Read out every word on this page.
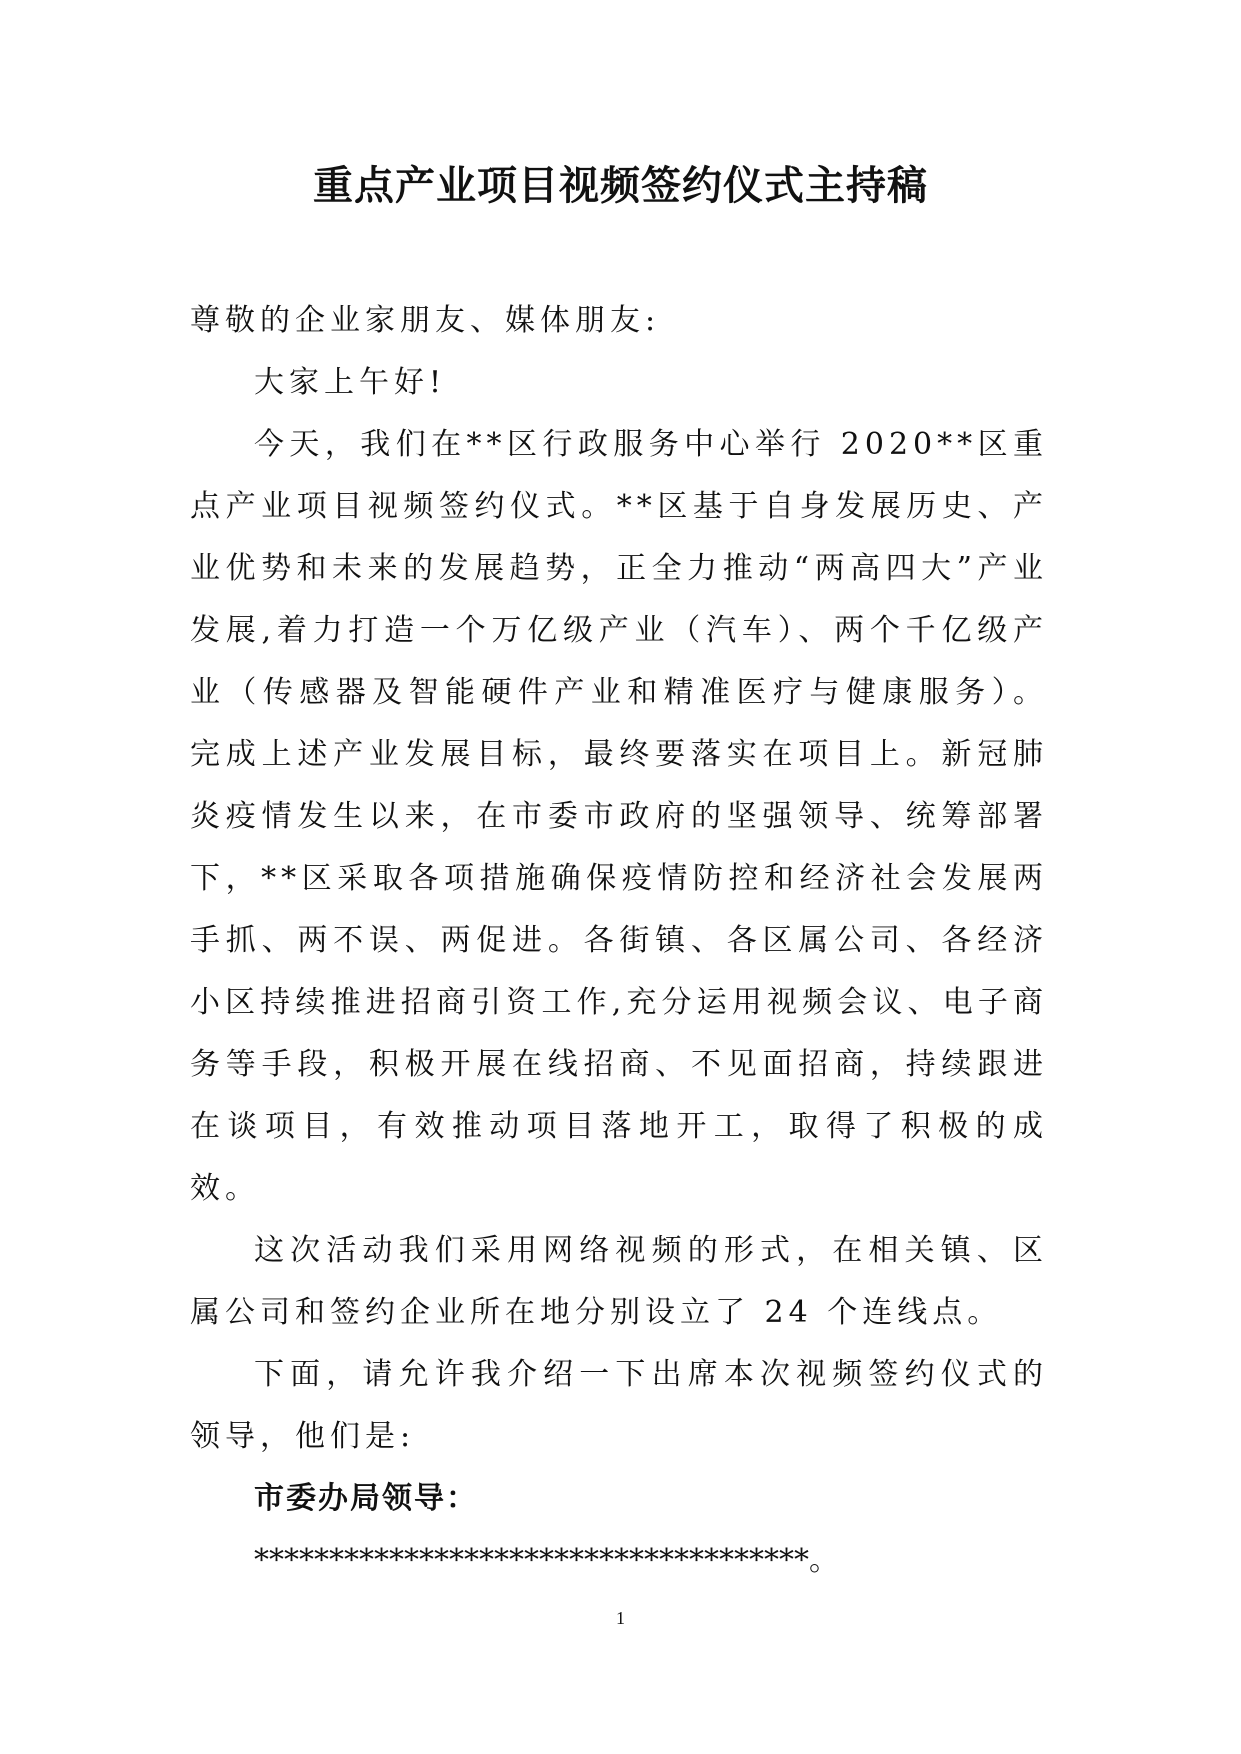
重点产业项目视频签约仪式主持稿

尊敬的企业家朋友、媒体朋友:

大家上午好!

今天，我们在**区行政服务中心举行 2020**区重点产业项目视频签约仪式。**区基于自身发展历史、产业优势和未来的发展趋势，正全力推动“两高四大”产业发展,着力打造一个万亿级产业（汽车）、两个千亿级产业（传感器及智能硬件产业和精准医疗与健康服务）。完成上述产业发展目标，最终要落实在项目上。新冠肺炎疫情发生以来，在市委市政府的坚强领导、统筹部署下，**区采取各项措施确保疫情防控和经济社会发展两手抓、两不误、两促进。各街镇、各区属公司、各经济小区持续推进招商引资工作,充分运用视频会议、电子商务等手段，积极开展在线招商、不见面招商，持续跟进在谈项目，有效推动项目落地开工，取得了积极的成效。

这次活动我们采用网络视频的形式，在相关镇、区属公司和签约企业所在地分别设立了 24 个连线点。

下面，请允许我介绍一下出席本次视频签约仪式的领导，他们是:

市委办局领导：

*************************************。

1
